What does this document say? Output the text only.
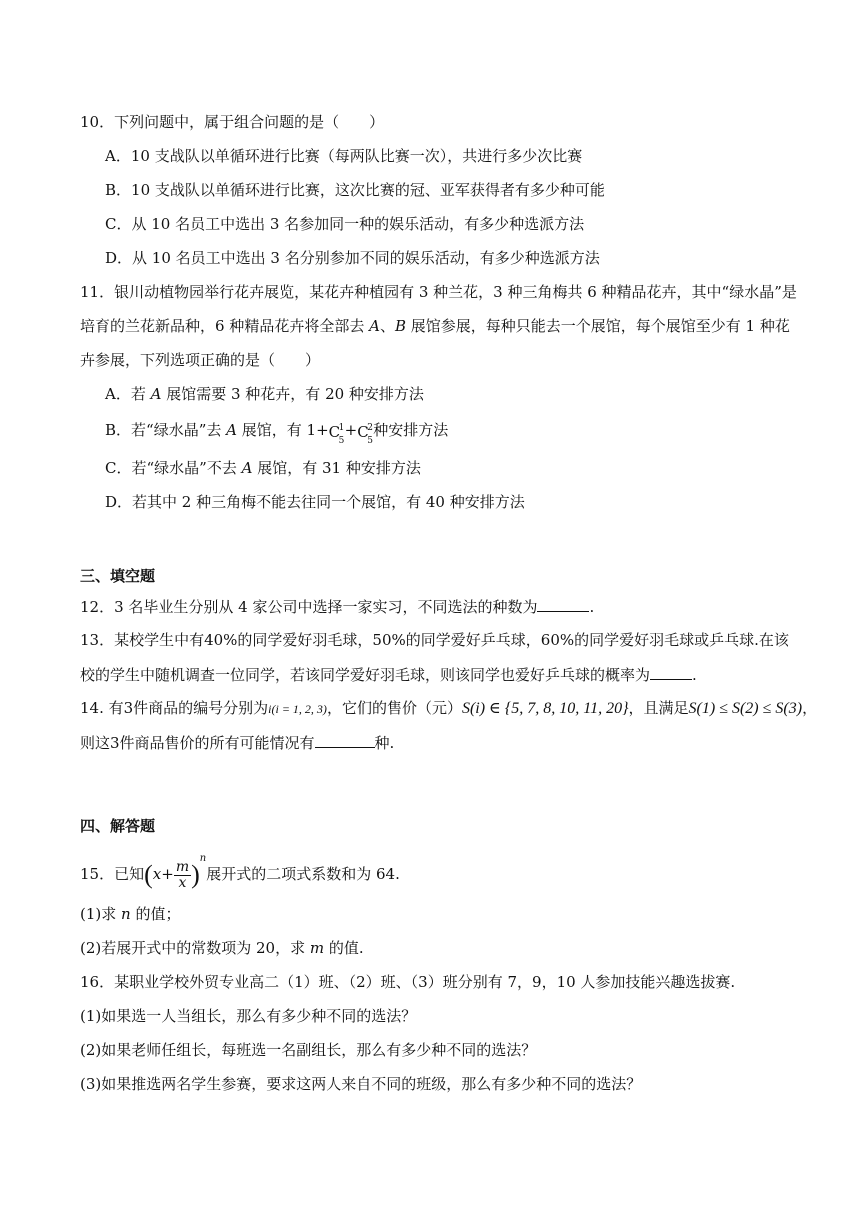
10．下列问题中，属于组合问题的是（　　）
A．10 支战队以单循环进行比赛（每两队比赛一次），共进行多少次比赛
B．10 支战队以单循环进行比赛，这次比赛的冠、亚军获得者有多少种可能
C．从 10 名员工中选出 3 名参加同一种的娱乐活动，有多少种选派方法
D．从 10 名员工中选出 3 名分别参加不同的娱乐活动，有多少种选派方法
11．银川动植物园举行花卉展览，某花卉种植园有 3 种兰花，3 种三角梅共 6 种精品花卉，其中“绿水晶”是
培育的兰花新品种，6 种精品花卉将全部去 A、B 展馆参展，每种只能去一个展馆，每个展馆至少有 1 种花
卉参展，下列选项正确的是（　　）
A．若 A 展馆需要 3 种花卉，有 20 种安排方法
B．若“绿水晶”去 A 展馆，有 1+ C
1
5
+ C
2
5
种安排方法
C．若“绿水晶”不去 A 展馆，有 31 种安排方法
D．若其中 2 种三角梅不能去往同一个展馆，有 40 种安排方法
三、填空题
12．3 名毕业生分别从 4 家公司中选择一家实习，不同选法的种数为	.
13．某校学生中有40%的同学爱好羽毛球，50%的同学爱好乒乓球，60%的同学爱好羽毛球或乒乓球.在该
校的学生中随机调查一位同学，若该同学爱好羽毛球，则该同学也爱好乒乓球的概率为	.
14. 有3件商品的编号分别为i(i = 1, 2, 3)，它们的售价（元）S(i) ∈ {5, 7, 8, 10, 11, 20}，且满足S(1) ≤ S(2) ≤ S(3)，
则这3件商品售价的所有可能情况有	种.
四、解答题
15．已知$(x+ \frac{m}{x} )^n$展开式的二项式系数和为 64.
(1)求 n 的值；
(2)若展开式中的常数项为 20，求 m 的值.
16．某职业学校外贸专业高二（1）班、（2）班、（3）班分别有 7，9，10 人参加技能兴趣选拔赛.
(1)如果选一人当组长，那么有多少种不同的选法？
(2)如果老师任组长，每班选一名副组长，那么有多少种不同的选法？
(3)如果推选两名学生参赛，要求这两人来自不同的班级，那么有多少种不同的选法？
